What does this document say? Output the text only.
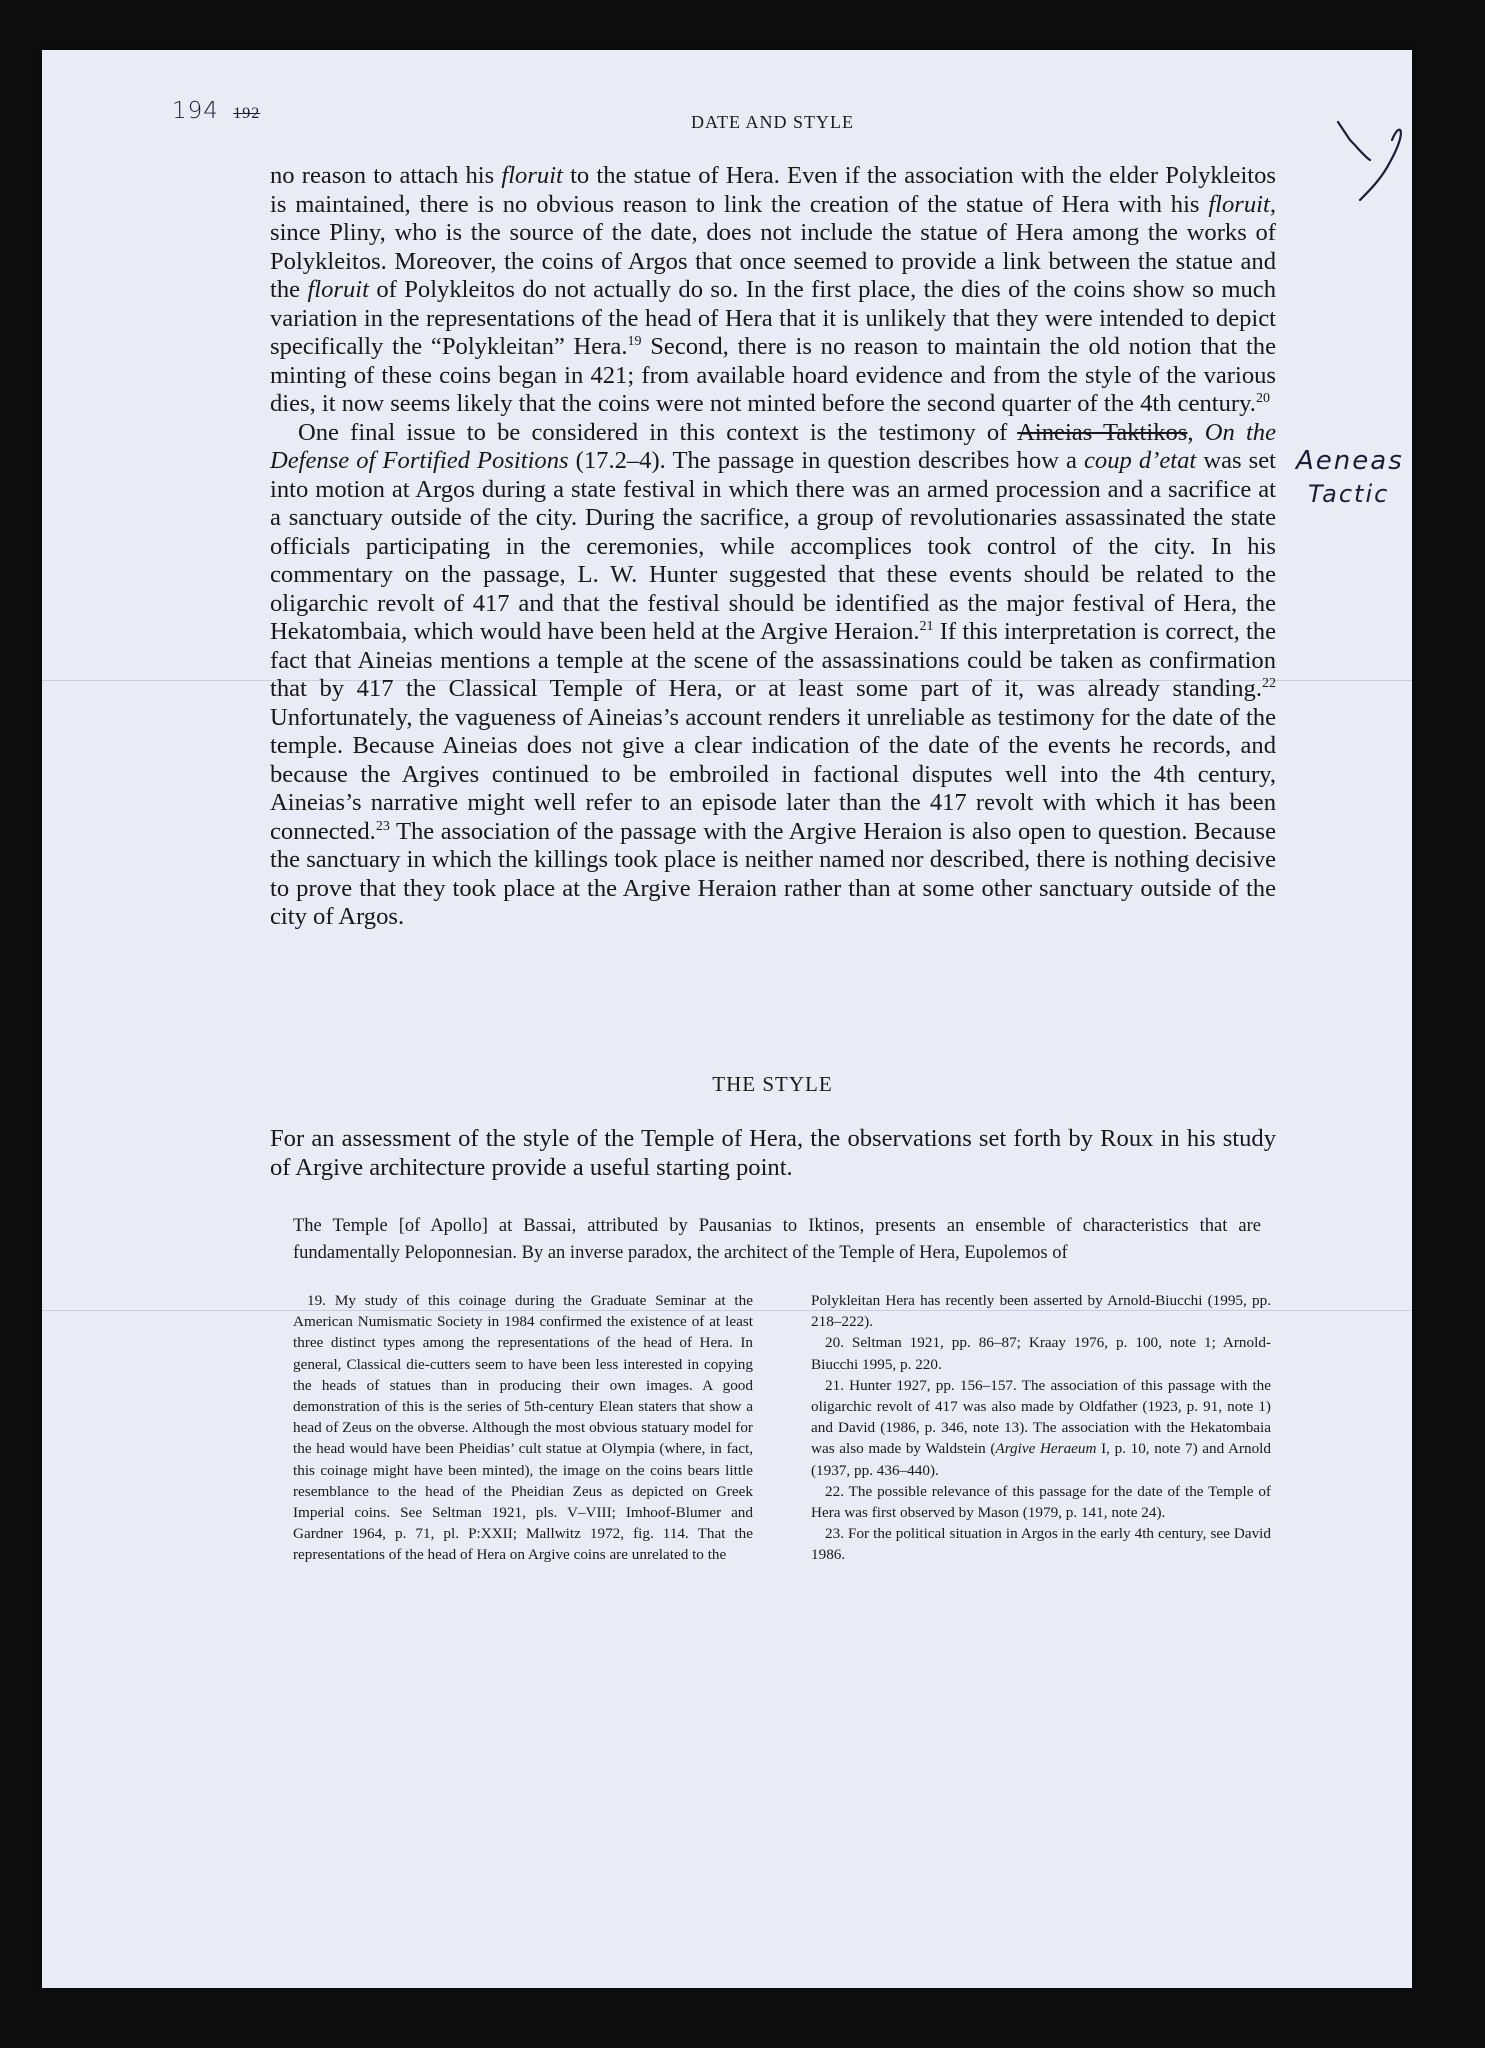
194 192
Aeneas
Tactic
DATE AND STYLE

no reason to attach his floruit to the statue of Hera. Even if the association with the elder Polykleitos is maintained, there is no obvious reason to link the creation of the statue of Hera with his floruit, since Pliny, who is the source of the date, does not include the statue of Hera among the works of Polykleitos. Moreover, the coins of Argos that once seemed to provide a link between the statue and the floruit of Polykleitos do not actually do so. In the first place, the dies of the coins show so much variation in the representations of the head of Hera that it is unlikely that they were intended to depict specifically the “Polykleitan” Hera.$^{19}$ Second, there is no reason to maintain the old notion that the minting of these coins began in 421; from available hoard evidence and from the style of the various dies, it now seems likely that the coins were not minted before the second quarter of the 4th century.$^{20}$

One final issue to be considered in this context is the testimony of Aineias Taktikos, On the Defense of Fortified Positions (17.2–4). The passage in question describes how a coup d’etat was set into motion at Argos during a state festival in which there was an armed procession and a sacrifice at a sanctuary outside of the city. During the sacrifice, a group of revolutionaries assassinated the state officials participating in the ceremonies, while accomplices took control of the city. In his commentary on the passage, L. W. Hunter suggested that these events should be related to the oligarchic revolt of 417 and that the festival should be identified as the major festival of Hera, the Hekatombaia, which would have been held at the Argive Heraion.$^{21}$ If this interpretation is correct, the fact that Aineias mentions a temple at the scene of the assassinations could be taken as confirmation that by 417 the Classical Temple of Hera, or at least some part of it, was already standing.$^{22}$ Unfortunately, the vagueness of Aineias’s account renders it unreliable as testimony for the date of the temple. Because Aineias does not give a clear indication of the date of the events he records, and because the Argives continued to be embroiled in factional disputes well into the 4th century, Aineias’s narrative might well refer to an episode later than the 417 revolt with which it has been connected.$^{23}$ The association of the passage with the Argive Heraion is also open to question. Because the sanctuary in which the killings took place is neither named nor described, there is nothing decisive to prove that they took place at the Argive Heraion rather than at some other sanctuary outside of the city of Argos.

THE STYLE
For an assessment of the style of the Temple of Hera, the observations set forth by Roux in his study of Argive architecture provide a useful starting point.
The Temple [of Apollo] at Bassai, attributed by Pausanias to Iktinos, presents an ensemble of characteristics that are fundamentally Peloponnesian. By an inverse paradox, the architect of the Temple of Hera, Eupolemos of

19. My study of this coinage during the Graduate Seminar at the American Numismatic Society in 1984 confirmed the existence of at least three distinct types among the representations of the head of Hera. In general, Classical die-cutters seem to have been less interested in copying the heads of statues than in producing their own images. A good demonstration of this is the series of 5th-century Elean staters that show a head of Zeus on the obverse. Although the most obvious statuary model for the head would have been Pheidias’ cult statue at Olympia (where, in fact, this coinage might have been minted), the image on the coins bears little resemblance to the head of the Pheidian Zeus as depicted on Greek Imperial coins. See Seltman 1921, pls. V–VIII; Imhoof-Blumer and Gardner 1964, p. 71, pl. P:XXII; Mallwitz 1972, fig. 114. That the representations of the head of Hera on Argive coins are unrelated to the

Polykleitan Hera has recently been asserted by Arnold-Biucchi (1995, pp. 218–222).

20. Seltman 1921, pp. 86–87; Kraay 1976, p. 100, note 1; Arnold-Biucchi 1995, p. 220.

21. Hunter 1927, pp. 156–157. The association of this passage with the oligarchic revolt of 417 was also made by Oldfather (1923, p. 91, note 1) and David (1986, p. 346, note 13). The association with the Hekatombaia was also made by Waldstein (Argive Heraeum I, p. 10, note 7) and Arnold (1937, pp. 436–440).

22. The possible relevance of this passage for the date of the Temple of Hera was first observed by Mason (1979, p. 141, note 24).

23. For the political situation in Argos in the early 4th century, see David 1986.
